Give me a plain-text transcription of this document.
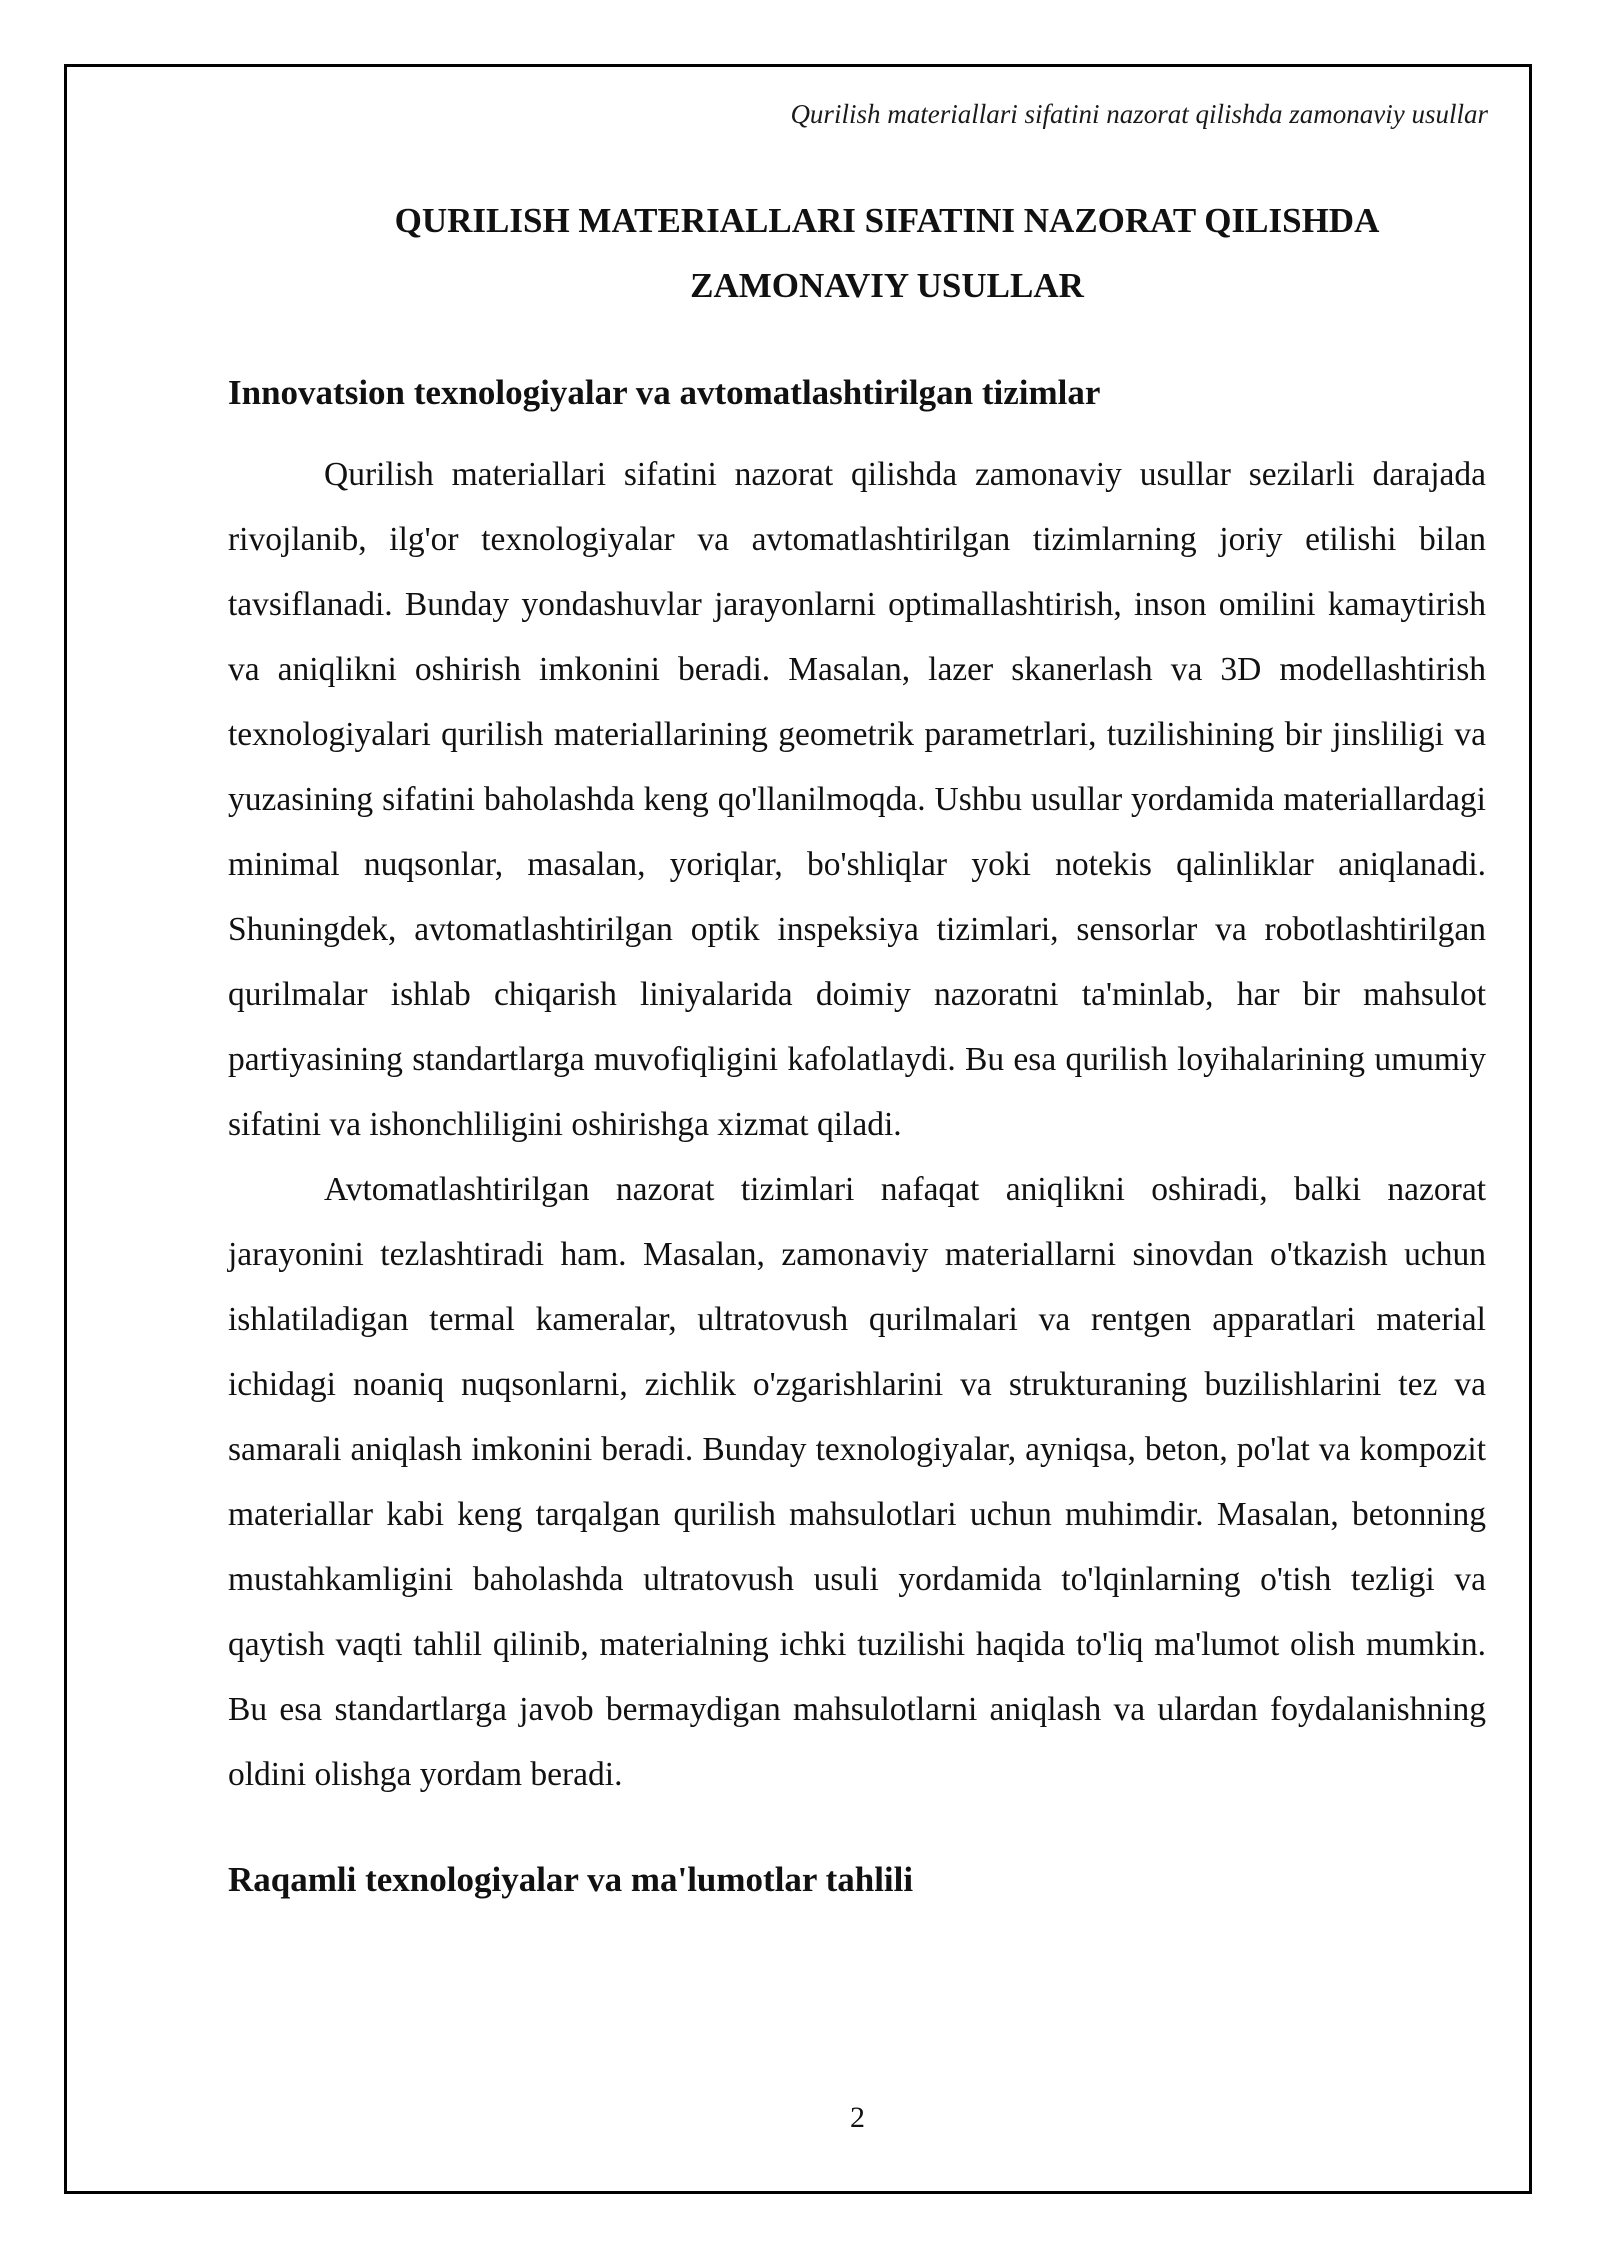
Qurilish materiallari sifatini nazorat qilishda zamonaviy usullar
QURILISH MATERIALLARI SIFATINI NAZORAT QILISHDA
ZAMONAVIY USULLAR
Innovatsion texnologiyalar va avtomatlashtirilgan tizimlar

Qurilish materiallari sifatini nazorat qilishda zamonaviy usullar sezilarli darajada rivojlanib, ilg'or texnologiyalar va avtomatlashtirilgan tizimlarning joriy etilishi bilan tavsiflanadi. Bunday yondashuvlar jarayonlarni optimallashtirish, inson omilini kamaytirish va aniqlikni oshirish imkonini beradi. Masalan, lazer skanerlash va 3D modellashtirish texnologiyalari qurilish materiallarining geometrik parametrlari, tuzilishining bir jinsliligi va yuzasining sifatini baholashda keng qo'llanilmoqda. Ushbu usullar yordamida materiallardagi minimal nuqsonlar, masalan, yoriqlar, bo'shliqlar yoki notekis qalinliklar aniqlanadi. Shuningdek, avtomatlashtirilgan optik inspeksiya tizimlari, sensorlar va robotlashtirilgan qurilmalar ishlab chiqarish liniyalarida doimiy nazoratni ta'minlab, har bir mahsulot partiyasining standartlarga muvofiqligini kafolatlaydi. Bu esa qurilish loyihalarining umumiy sifatini va ishonchliligini oshirishga xizmat qiladi.

Avtomatlashtirilgan nazorat tizimlari nafaqat aniqlikni oshiradi, balki nazorat jarayonini tezlashtiradi ham. Masalan, zamonaviy materiallarni sinovdan o'tkazish uchun ishlatiladigan termal kameralar, ultratovush qurilmalari va rentgen apparatlari material ichidagi noaniq nuqsonlarni, zichlik o'zgarishlarini va strukturaning buzilishlarini tez va samarali aniqlash imkonini beradi. Bunday texnologiyalar, ayniqsa, beton, po'lat va kompozit materiallar kabi keng tarqalgan qurilish mahsulotlari uchun muhimdir. Masalan, betonning mustahkamligini baholashda ultratovush usuli yordamida to'lqinlarning o'tish tezligi va qaytish vaqti tahlil qilinib, materialning ichki tuzilishi haqida to'liq ma'lumot olish mumkin. Bu esa standartlarga javob bermaydigan mahsulotlarni aniqlash va ulardan foydalanishning oldini olishga yordam beradi.

Raqamli texnologiyalar va ma'lumotlar tahlili
2
